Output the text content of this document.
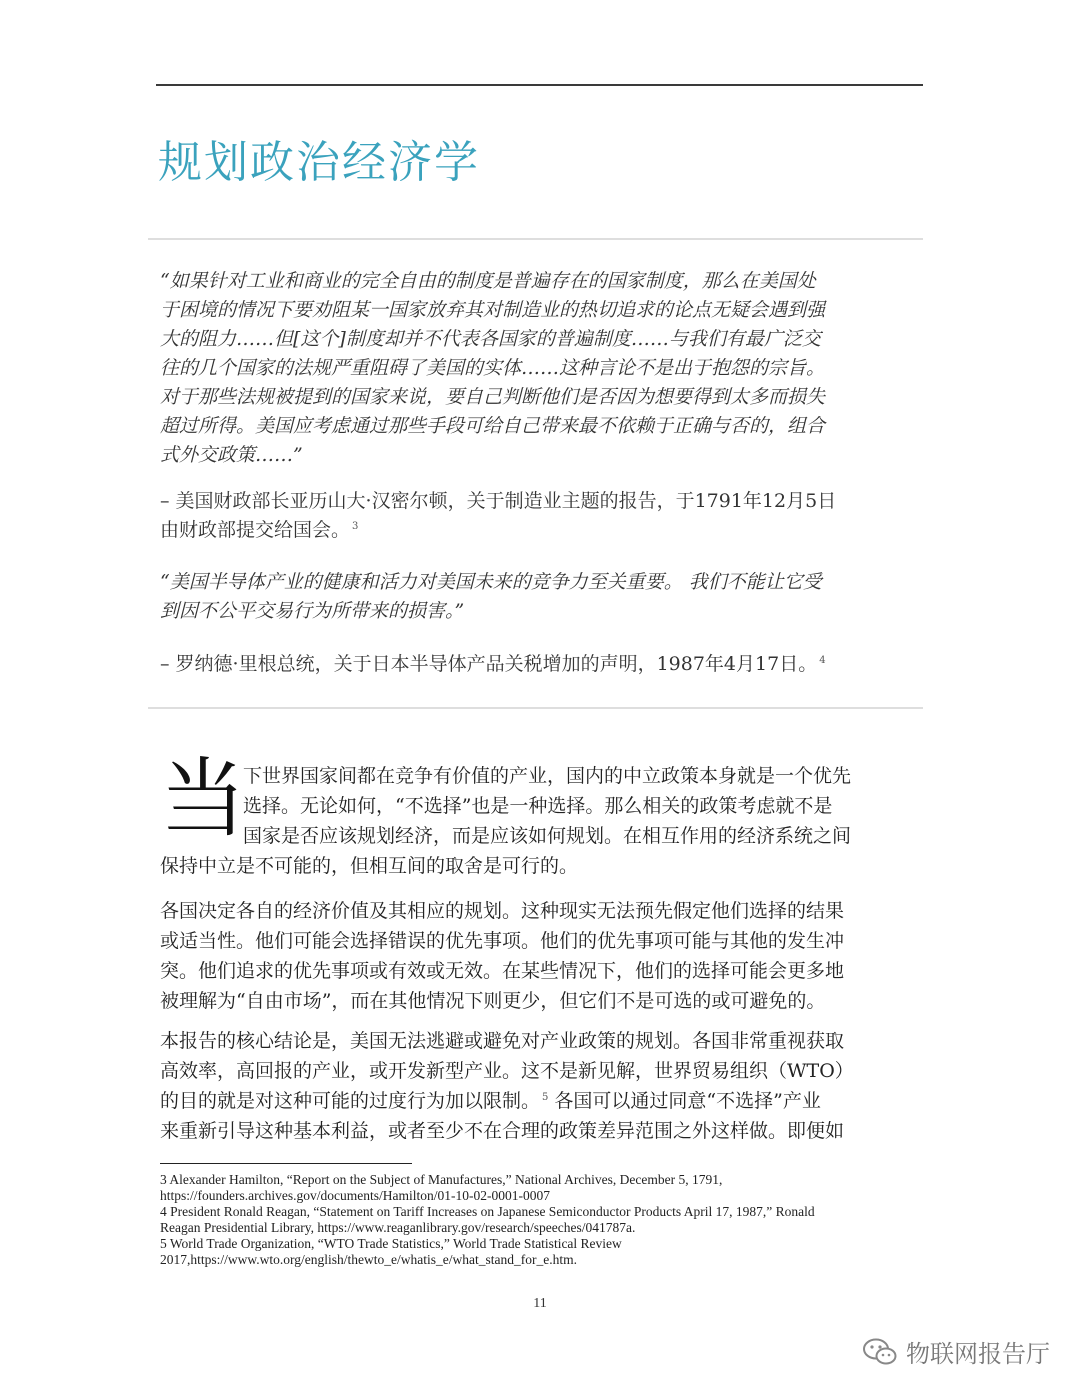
规划政治经济学
“如果针对工业和商业的完全自由的制度是普遍存在的国家制度，那么在美国处
于困境的情况下要劝阻某一国家放弃其对制造业的热切追求的论点无疑会遇到强
大的阻力……但[这个]制度却并不代表各国家的普遍制度……与我们有最广泛交
往的几个国家的法规严重阻碍了美国的实体……这种言论不是出于抱怨的宗旨。
对于那些法规被提到的国家来说，要自己判断他们是否因为想要得到太多而损失
超过所得。美国应考虑通过那些手段可给自己带来最不依赖于正确与否的，组合
式外交政策……”
– 美国财政部长亚历山大·汉密尔顿，关于制造业主题的报告，于1791年12月5日
由财政部提交给国会。 $^3$
“美国半导体产业的健康和活力对美国未来的竞争力至关重要。 我们不能让它受
到因不公平交易行为所带来的损害。”
– 罗纳德·里根总统，关于日本半导体产品关税增加的声明，1987年4月17日。 $^4$
当
下世界国家间都在竞争有价值的产业，国内的中立政策本身就是一个优先
选择。无论如何，“不选择”也是一种选择。那么相关的政策考虑就不是
国家是否应该规划经济，而是应该如何规划。在相互作用的经济系统之间
保持中立是不可能的，但相互间的取舍是可行的。
各国决定各自的经济价值及其相应的规划。这种现实无法预先假定他们选择的结果
或适当性。他们可能会选择错误的优先事项。他们的优先事项可能与其他的发生冲
突。他们追求的优先事项或有效或无效。在某些情况下，他们的选择可能会更多地
被理解为“自由市场”，而在其他情况下则更少，但它们不是可选的或可避免的。
本报告的核心结论是，美国无法逃避或避免对产业政策的规划。各国非常重视获取
高效率，高回报的产业，或开发新型产业。这不是新见解，世界贸易组织（WTO）
的目的就是对这种可能的过度行为加以限制。 $^5$ 各国可以通过同意“不选择”产业
来重新引导这种基本利益，或者至少不在合理的政策差异范围之外这样做。即便如

3 Alexander Hamilton, “Report on the Subject of Manufactures,” National Archives, December 5, 1791,

https://founders.archives.gov/documents/Hamilton/01-10-02-0001-0007

4 President Ronald Reagan, “Statement on Tariff Increases on Japanese Semiconductor Products April 17, 1987,” Ronald

Reagan Presidential Library, https://www.reaganlibrary.gov/research/speeches/041787a.

5 World Trade Organization, “WTO Trade Statistics,” World Trade Statistical Review

2017,https://www.wto.org/english/thewto_e/whatis_e/what_stand_for_e.htm.

11
物联网报告厅
